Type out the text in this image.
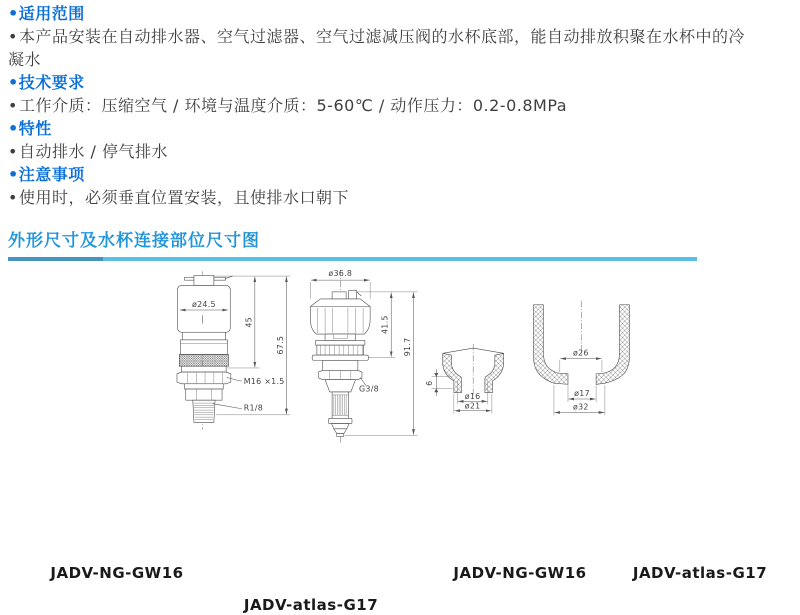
•适用范围
•本产品安装在自动排水器、空气过滤器、空气过滤减压阀的水杯底部，能自动排放积聚在水杯中的冷凝水
•技术要求
•工作介质：压缩空气 / 环境与温度介质：5-60℃ / 动作压力：0.2-0.8MPa
•特性
•自动排水 / 停气排水
•注意事项
•使用时，必须垂直位置安装，且使排水口朝下
外形尺寸及水杯连接部位尺寸图
ø24.5
45
67.5
M16 ×1.5
R1/8
ø36.8
41.5
91.7
G3/8
6
ø16
ø21
ø26
ø17
ø32
JADV-NG-GW16
JADV-atlas-G17
JADV-NG-GW16	JADV-atlas-G17
